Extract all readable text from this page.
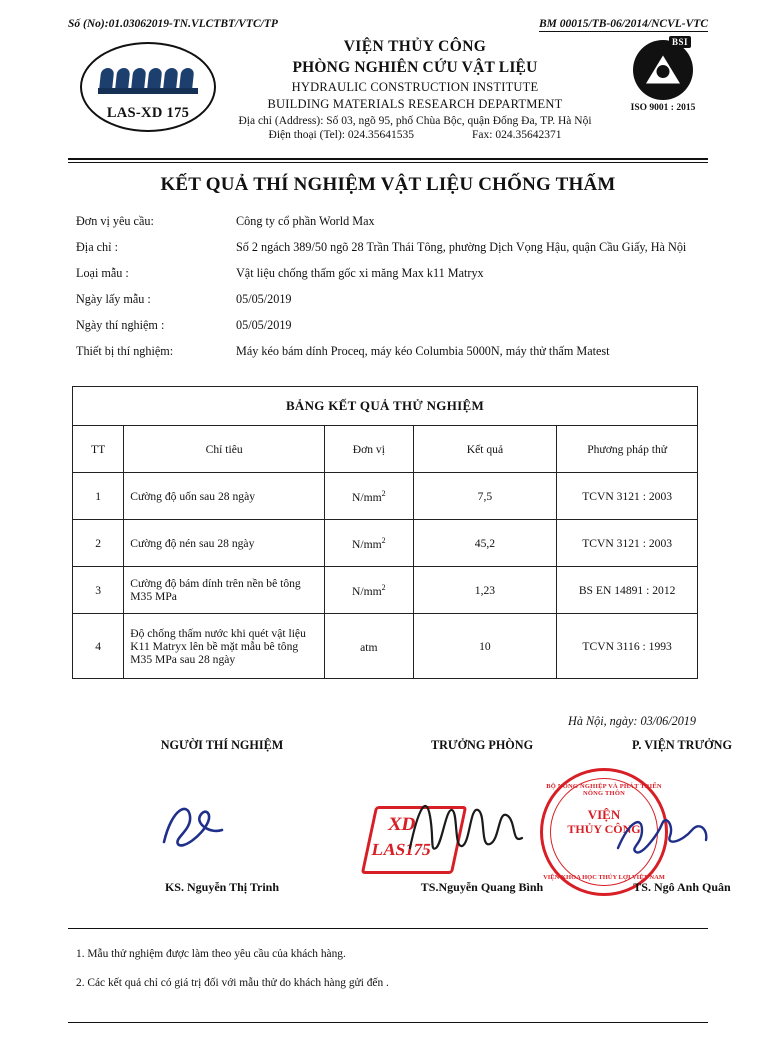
Số (No):01.03062019-TN.VLCTBT/VTC/TP	BM 00015/TB-06/2014/NCVL-VTC
LAS-XD 175
VIỆN THỦY CÔNG
PHÒNG NGHIÊN CỨU VẬT LIỆU
HYDRAULIC CONSTRUCTION INSTITUTE
BUILDING MATERIALS RESEARCH DEPARTMENT
Địa chỉ (Address): Số 03, ngõ 95, phố Chùa Bộc, quận Đống Đa, TP. Hà Nội
Điện thoại (Tel): 024.35641535	Fax: 024.35642371
BSI
ISO 9001 : 2015
KẾT QUẢ THÍ NGHIỆM VẬT LIỆU CHỐNG THẤM
Đơn vị yêu cầu:	Công ty cổ phần World Max
Địa chỉ :	Số 2 ngách 389/50 ngõ 28 Trần Thái Tông, phường Dịch Vọng Hậu, quận Cầu Giấy, Hà Nội
Loại mẫu :	Vật liệu chống thấm gốc xi măng Max k11 Matryx
Ngày lấy mẫu :	05/05/2019
Ngày thí nghiệm :	05/05/2019
Thiết bị thí nghiệm:	Máy kéo bám dính Proceq, máy kéo Columbia 5000N, máy thử thấm Matest
BẢNG KẾT QUẢ THỬ NGHIỆM				
TT	Chỉ tiêu	Đơn vị	Kết quả	Phương pháp thử
1	Cường độ uốn sau 28 ngày	$N/mm^2$	7,5	TCVN 3121 : 2003
2	Cường độ nén sau 28 ngày	$N/mm^2$	45,2	TCVN 3121 : 2003
3	Cường độ bám dính trên nền bê tông M35 MPa	$N/mm^2$	1,23	BS EN 14891 : 2012
4	Độ chống thấm nước khi quét vật liệu K11 Matryx lên bề mặt mẫu bê tông M35 MPa sau 28 ngày	atm	10	TCVN 3116 : 1993
Hà Nội, ngày: 03/06/2019
NGƯỜI THÍ NGHIỆM	TRƯỞNG PHÒNG	P. VIỆN TRƯỞNG
XD
LAS175
BỘ NÔNG NGHIỆP VÀ PHÁT TRIỂN NÔNG THÔN
VIỆN
THỦY CÔNG
VIỆN KHOA HỌC THỦY LỢI VIỆT NAM
KS. Nguyễn Thị Trinh	TS.Nguyễn Quang Bình	TS. Ngô Anh Quân
1. Mẫu thử nghiệm được làm theo yêu cầu của khách hàng.
2. Các kết quả chỉ có giá trị đối với mẫu thử do khách hàng gửi đến .
